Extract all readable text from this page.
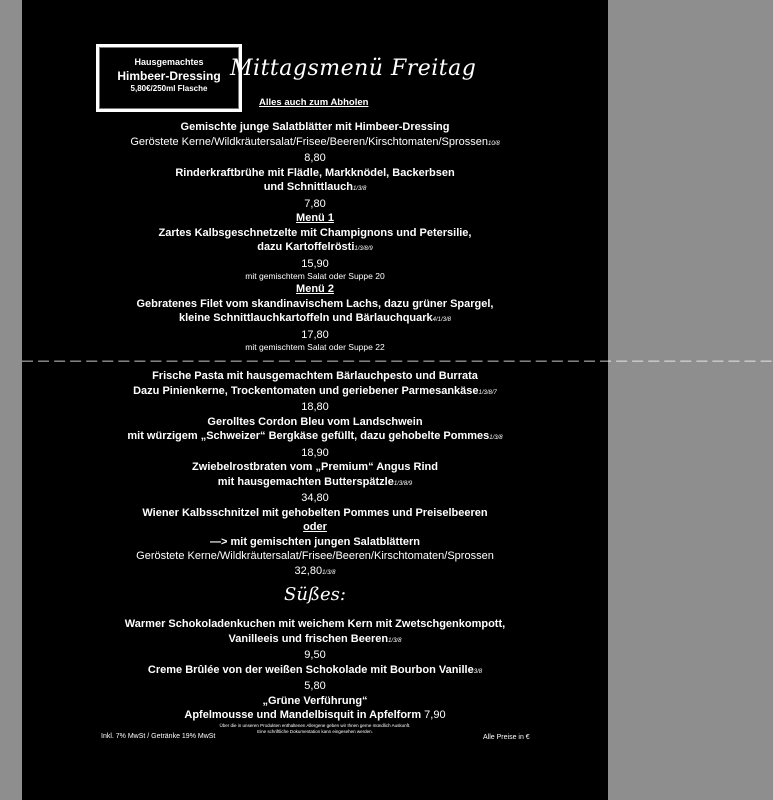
Hausgemachtes
Himbeer-Dressing
5,80€/250ml Flasche
Mittagsmenü Freitag
Alles auch zum Abholen
Gemischte junge Salatblätter mit Himbeer-Dressing
Geröstete Kerne/Wildkräutersalat/Frisee/Beeren/Kirschtomaten/Sprossen10/8
8,80
Rinderkraftbrühe mit Flädle, Markknödel, Backerbsen
und Schnittlauch1/3/8
7,80
Menü 1
Zartes Kalbsgeschnetzelte mit Champignons und Petersilie,
dazu Kartoffelrösti1/3/8/9
15,90
mit gemischtem Salat oder Suppe 20
Menü 2
Gebratenes Filet vom skandinavischem Lachs, dazu grüner Spargel,
kleine Schnittlauchkartoffeln und Bärlauchquark4/1/3/8
17,80
mit gemischtem Salat oder Suppe 22
— — — — — — — — — — — — — — — — — — — — — — — — — — — — — — — — — — — — — — — — — — — — — — —
Frische Pasta mit hausgemachtem Bärlauchpesto und Burrata
Dazu Pinienkerne, Trockentomaten und geriebener Parmesankäse1/3/8/7
18,80
Gerolltes Cordon Bleu vom Landschwein
mit würzigem „Schweizer“ Bergkäse gefüllt, dazu gehobelte Pommes1/3/8
18,90
Zwiebelrostbraten vom „Premium“ Angus Rind
mit hausgemachten Butterspätzle1/3/8/9
34,80
Wiener Kalbsschnitzel mit gehobelten Pommes und Preiselbeeren
oder
—> mit gemischten jungen Salatblättern
Geröstete Kerne/Wildkräutersalat/Frisee/Beeren/Kirschtomaten/Sprossen
32,801/3/8
Süßes:
Warmer Schokoladenkuchen mit weichem Kern mit Zwetschgenkompott,
Vanilleeis und frischen Beeren1/3/8
9,50
Creme Brûlée von der weißen Schokolade mit Bourbon Vanille3/8
5,80
„Grüne Verführung“
Apfelmousse und Mandelbisquit in Apfelform 7,90
Über die in unseren Produkten enthaltenen Allergene geben wir Ihnen gerne mündlich Auskunft.
Eine schriftliche Dokumentation kann eingesehen werden.
Inkl. 7% MwSt / Getränke 19% MwSt	Alle Preise in €
